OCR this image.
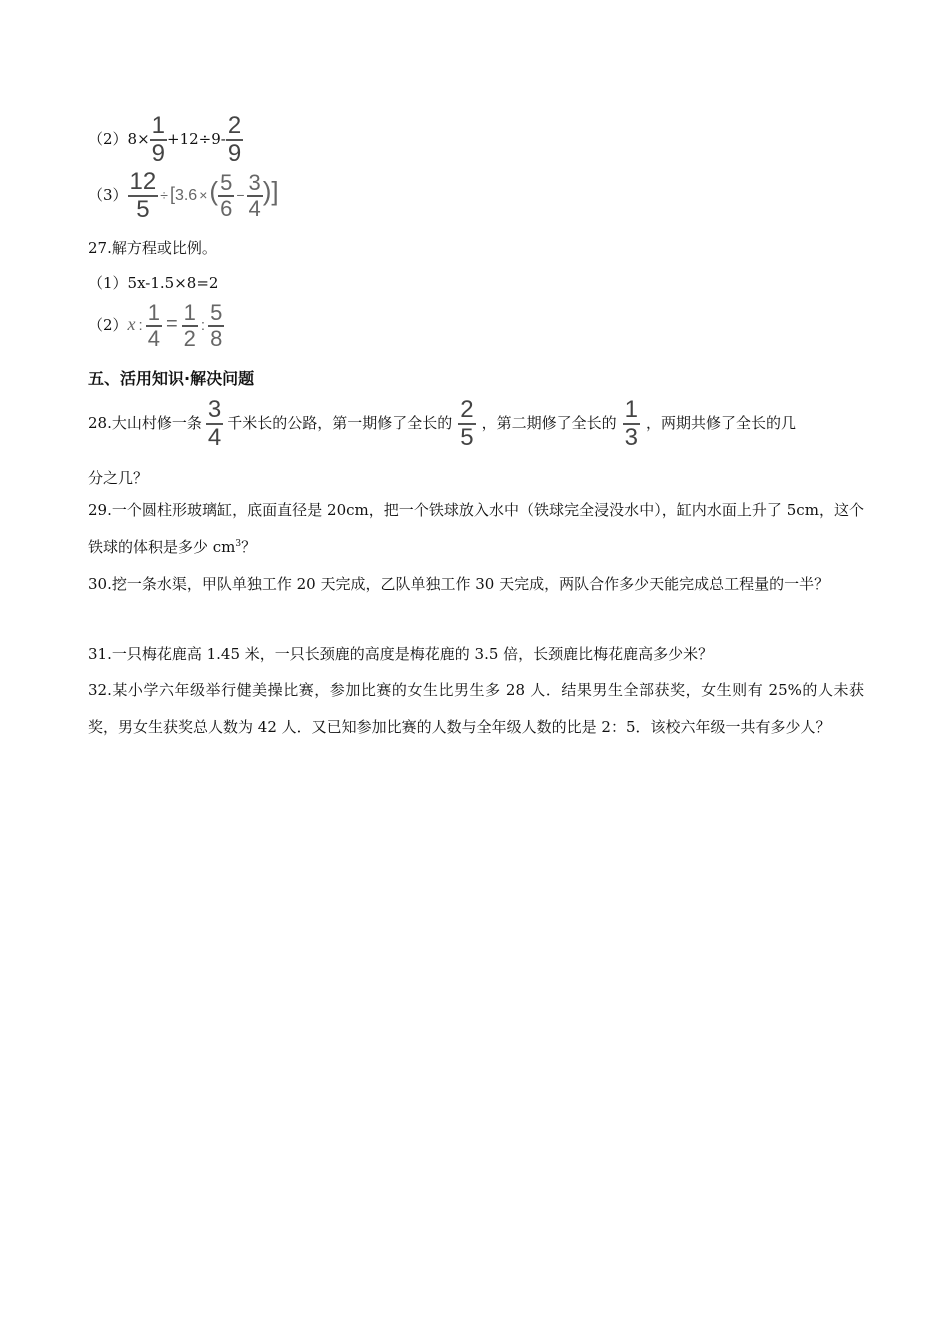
$(2)8\times \frac{1}{9} +12\div 9- \frac{2}{9}$
$(3) \frac{12}{5} \div [3.6$ ×( $\frac{5}{6} - \frac{3}{4}$ )]
27.解方程或比例。
（1）5x-1.5×8=2
（2）x : $\frac{1}{4} = \frac{1}{2}$ : $\frac{5}{8}$
五、活用知识·解决问题
28.大山村修一条 $\frac{3}{4}$ 千米长的公路，第一期修了全长的 $\frac{2}{5}$ ，第二期修了全长的 $\frac{1}{3}$ ，两期共修了全长的几
分之几？
29.一个圆柱形玻璃缸，底面直径是 20cm，把一个铁球放入水中（铁球完全浸没水中），缸内水面上升了 5cm，这个铁球的体积是多少 $cm^3$？
30.挖一条水渠，甲队单独工作 20 天完成，乙队单独工作 30 天完成，两队合作多少天能完成总工程量的一半？
31.一只梅花鹿高 1.45 米，一只长颈鹿的高度是梅花鹿的 3.5 倍，长颈鹿比梅花鹿高多少米？
32.某小学六年级举行健美操比赛，参加比赛的女生比男生多 28 人．结果男生全部获奖，女生则有 25%的人未获奖，男女生获奖总人数为 42 人．又已知参加比赛的人数与全年级人数的比是 2：5．该校六年级一共有多少人？
